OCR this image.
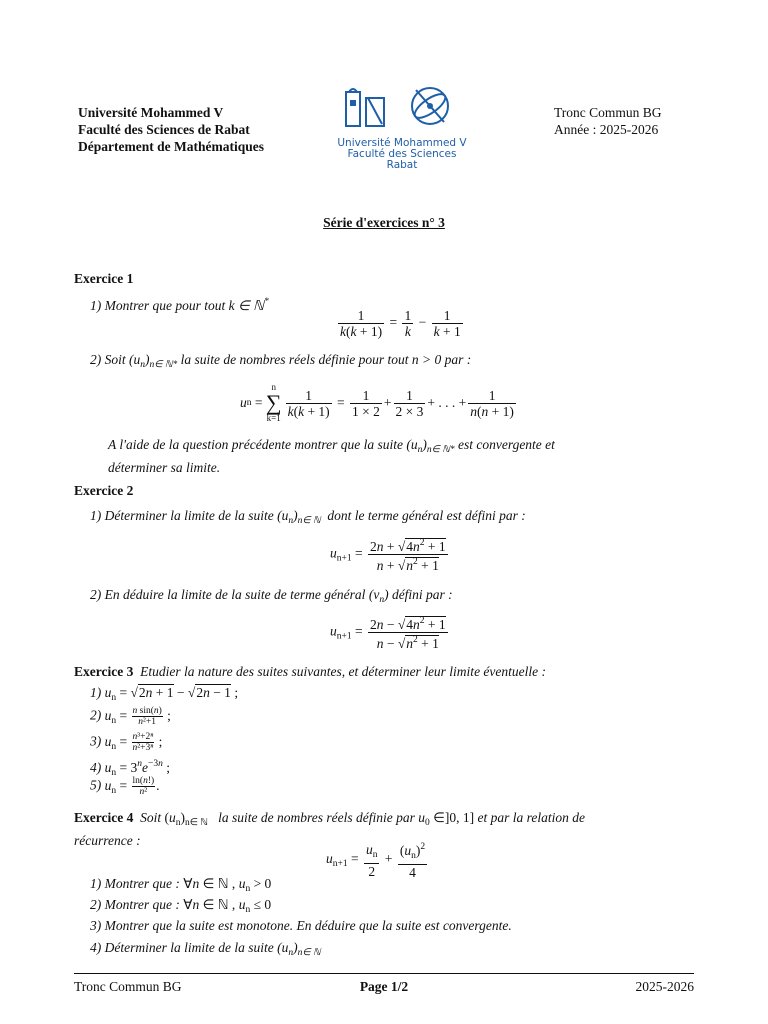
Université Mohammed V
Faculté des Sciences de Rabat
Département de Mathématiques	Université Mohammed V
Faculté des Sciences
Rabat
Tronc Commun BG
Année : 2025-2026
Série d'exercices n° 3
Exercice 1
1) Montrer que pour tout k ∈ ℕ*
$\frac{1}{k(k + 1)} = \frac{1}{k} - \frac{1}{k + 1}$
2) Soit $(u_n)_{n\in ℕ*}$ la suite de nombres réels définie pour tout n > 0 par :
u n =
n
∑
$k=1 \frac{1}{k(k + 1)} = \frac{1}{1 \times 2} + \frac{1}{2 \times 3}$ + . . . + $\frac{1}{n(n + 1)}$
A l'aide de la question précédente montrer que la suite $(u_n)_{n\in ℕ*}$ est convergente et
déterminer sa limite.
Exercice 2
1) Déterminer la limite de la suite $(u_n)_{n\in ℕ}$ dont le terme général est défini par :
$u_{n+1} = \frac{2n + √4n^2 + 1}{n + √n^2 + 1}$
2) En déduire la limite de la suite de terme général $(v_n)$ défini par :
$u_{n+1} = \frac{2n - √4n^2 + 1}{n - √n^2 + 1}$
Exercice 3 Etudier la nature des suites suivantes, et déterminer leur limite éventuelle :
1) $u_n = √2n + 1 - √2n - 1$ ;
2) $u_n = \frac{\text{n sin(n)}}{\text{n²+1}}$ ;
3) $u_n = \frac{\text{n³+2ⁿ}}{\text{n²+3ⁿ}}$ ;
4) $u_n = 3^ne^{-3n}$ ;
5) $u_n = \frac{\ln(n!)}{\text{n²}}$ .
Exercice 4 Soit $(u_n)_{n\in ℕ}$ la suite de nombres réels définie par $u_0$ ∈]0, 1] et par la relation de
récurrence :
$u_{n+1} = \frac{u_n}{2} + \frac{(u_n)^2}{4}$
1) Montrer que : ∀n ∈ ℕ , $u_n > 0$
2) Montrer que : ∀n ∈ ℕ , $u_n \le 0$
3) Montrer que la suite est monotone. En déduire que la suite est convergente.
4) Déterminer la limite de la suite $(u_n)_{n\in ℕ}$
Tronc Commun BG	Page 1/2	2025-2026
